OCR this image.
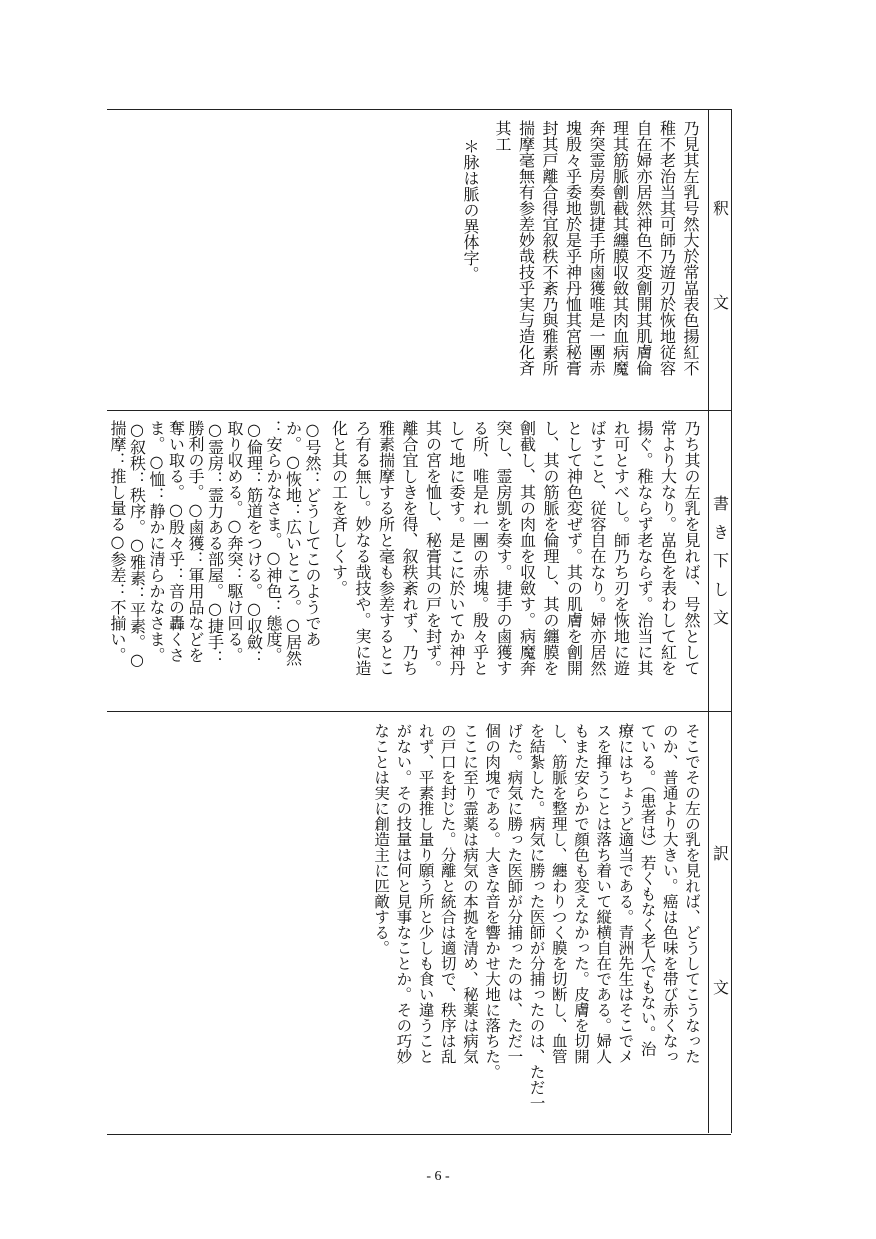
釈
文
書
き
下
し
文
訳
文
乃見其左乳号然大於常嵓表色揚紅不
稚不老治当其可師乃遊刃於恢地従容
自在婦亦居然神色不変劊開其肌膚倫
理其筋脈劊截其纏膜収斂其肉血病魔
奔突霊房奏凱捷手所鹵獲唯是一團赤
塊殷々乎委地於是乎神丹恤其宮秘膏
封其戸離合得宜叙秩不紊乃與雅素所
揣摩毫無有参差妙哉技乎実与造化斉
其工
＊脉は脈の異体字。
乃ち其の左乳を見れば、号然として
常より大なり。嵓色を表わして紅を
揚ぐ。稚ならず老ならず。治当に其
れ可とすべし。師乃ち刃を恢地に遊
ばすこと、従容自在なり。婦亦居然
として神色変ぜず。其の肌膚を劊開
し、其の筋脈を倫理し、其の纏膜を
劊截し、其の肉血を収斂す。病魔奔
突し、霊房凱を奏す。捷手の鹵獲す
る所、唯是れ一團の赤塊。殷々乎と
して地に委す。是こに於いてか神丹
其の宮を恤し、秘膏其の戸を封ず。
離合宜しきを得、叙秩紊れず、乃ち
雅素揣摩する所と毫も参差するとこ
ろ有る無し。妙なる哉技や。実に造
化と其の工を斉しくす。
○号然：どうしてこのようであ
か。○恢地：広いところ。○居然
：安らかなさま。○神色：態度。
○倫理：筋道をつける。○収斂：
取り収める。○奔突：駆け回る。
○霊房：霊力ある部屋。○捷手：
勝利の手。○鹵獲：軍用品などを
奪い取る。○殷々乎：音の轟くさ
ま。○恤：静かに清らかなさま。
○叙秩：秩序。○雅素：平素。○
揣摩：推し量る○参差：不揃い。
そこでその左の乳を見れば、どうしてこうなった
のか、普通より大きい。癌は色味を帯び赤くなっ
ている。（患者は）若くもなく老人でもない。治
療にはちょうど適当である。青洲先生はそこでメ
スを揮うことは落ち着いて縦横自在である。婦人
もまた安らかで顔色も変えなかった。皮膚を切開
し、筋脈を整理し、纏わりつく膜を切断し、血管
を結紮した。病気に勝った医師が分捕ったのは、ただ一
げた。病気に勝った医師が分捕ったのは、ただ一
個の肉塊である。大きな音を響かせ大地に落ちた。
ここに至り霊薬は病気の本拠を清め、秘薬は病気
の戸口を封じた。分離と統合は適切で、秩序は乱
れず、平素推し量り願う所と少しも食い違うこと
がない。その技量は何と見事なことか。その巧妙
なことは実に創造主に匹敵する。
- 6 -
